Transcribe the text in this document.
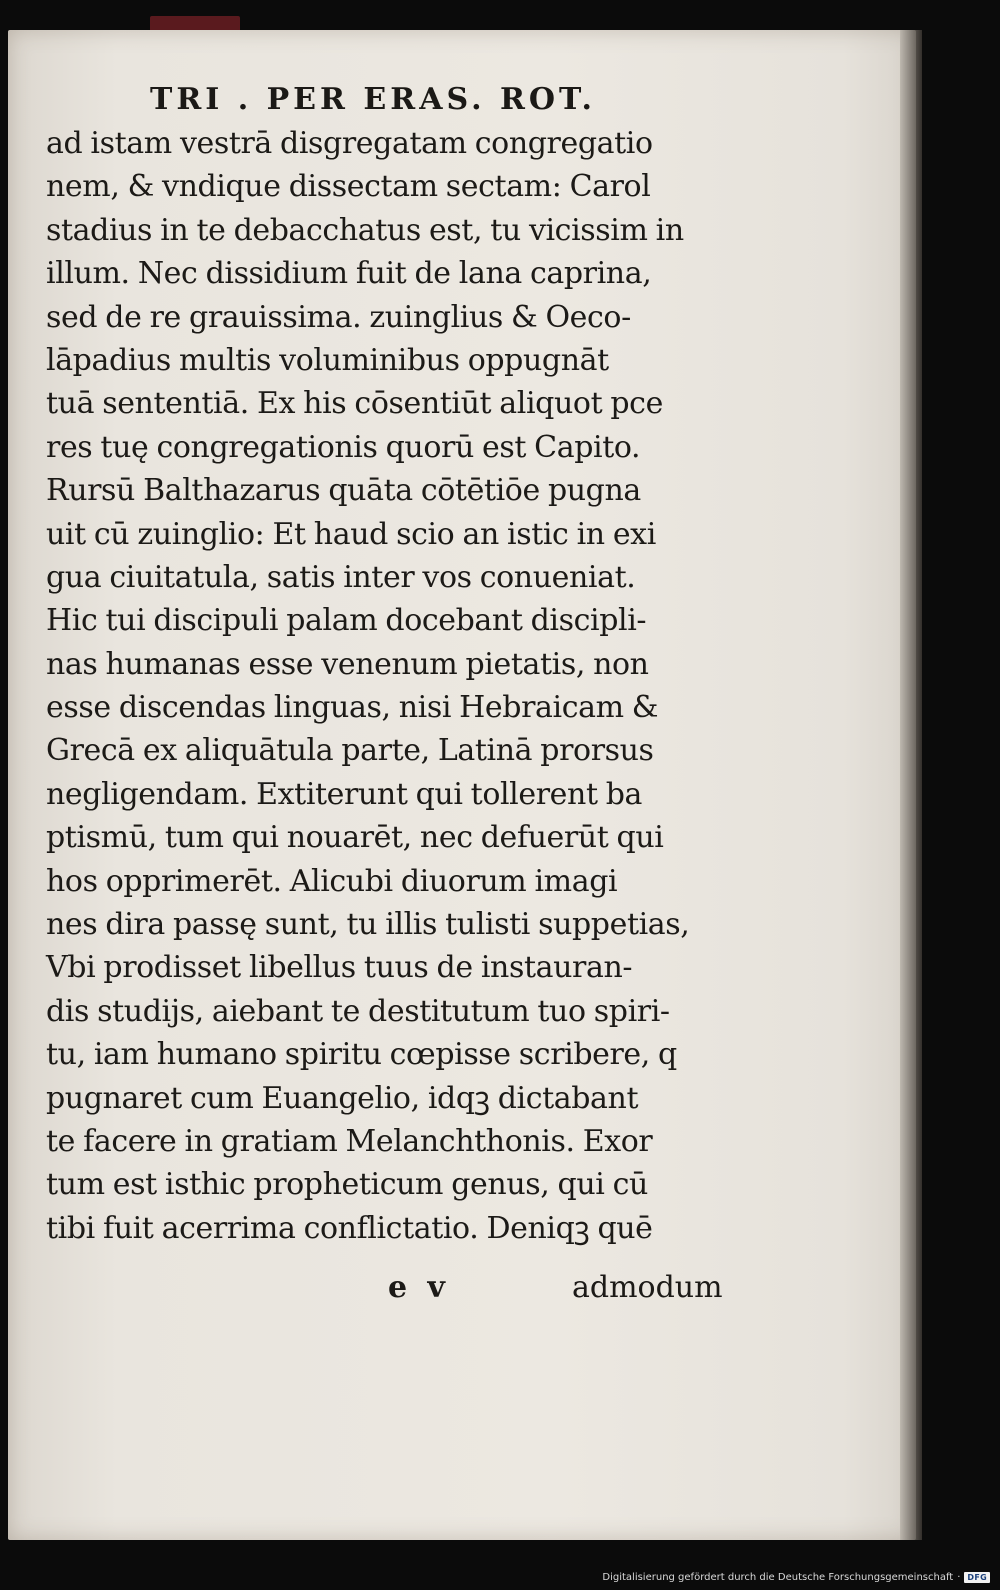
TRI . PER ERAS. ROT.
ad istam vestrā disgregatam congregatio
nem, & vndique dissectam sectam: Carol
stadius in te debacchatus est, tu vicissim in
illum. Nec dissidium fuit de lana caprina,
sed de re grauissima. zuinglius & Oeco-
lāpadius multis voluminibus oppugnāt
tuā sententiā. Ex his cōsentiūt aliquot pce
res tuę congregationis quorū est Capito.
Rursū Balthazarus quāta cōtētiōe pugna
uit cū zuinglio: Et haud scio an istic in exi
gua ciuitatula, satis inter vos conueniat.
Hic tui discipuli palam docebant discipli-
nas humanas esse venenum pietatis, non
esse discendas linguas, nisi Hebraicam &
Grecā ex aliquātula parte, Latinā prorsus
negligendam. Extiterunt qui tollerent ba
ptismū, tum qui nouarēt, nec defuerūt qui
hos opprimerēt. Alicubi diuorum imagi
nes dira passę sunt, tu illis tulisti suppetias,
Vbi prodisset libellus tuus de instauran-
dis studijs, aiebant te destitutum tuo spiri-
tu, iam humano spiritu cœpisse scribere, q
pugnaret cum Euangelio, idqꝫ dictabant
te facere in gratiam Melanchthonis. Exor
tum est isthic propheticum genus, qui cū
tibi fuit acerrima conflictatio. Deniqꝫ quē
e v	admodum
Digitalisierung gefördert durch die Deutsche Forschungsgemeinschaft · DFG
